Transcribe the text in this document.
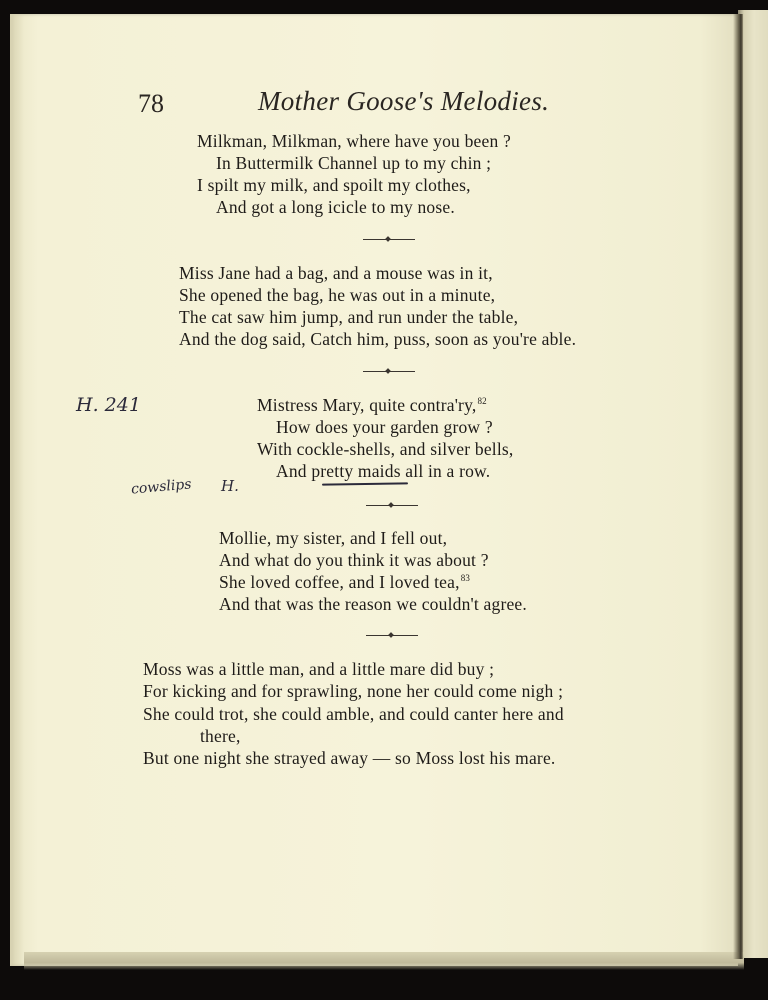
78	Mother Goose's Melodies.
Milkman, Milkman, where have you been ?
In Buttermilk Channel up to my chin ;
I spilt my milk, and spoilt my clothes,
And got a long icicle to my nose.
Miss Jane had a bag, and a mouse was in it,
She opened the bag, he was out in a minute,
The cat saw him jump, and run under the table,
And the dog said, Catch him, puss, soon as you're able.
Mistress Mary, quite contra'ry,$^{82}$
How does your garden grow ?
With cockle-shells, and silver bells,
And pretty maids all in a row.
Mollie, my sister, and I fell out,
And what do you think it was about ?
She loved coffee, and I loved tea,$^{83}$
And that was the reason we couldn't agree.
Moss was a little man, and a little mare did buy ;
For kicking and for sprawling, none her could come nigh ;
She could trot, she could amble, and could canter here and
there,
But one night she strayed away — so Moss lost his mare.
H. 241
cowslips H.
